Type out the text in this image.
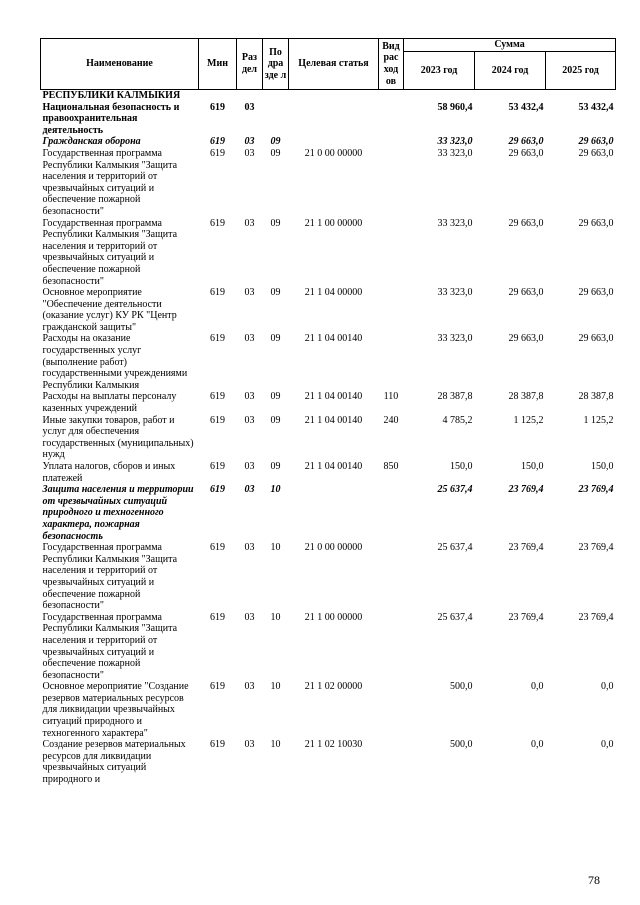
Наименование	Мин	Раз дел	По дра зде л	Целевая статья	Вид рас ход ов	Сумма		
						2023 год	2024 год	2025 год
РЕСПУБЛИКИ КАЛМЫКИЯ								
Национальная безопасность и правоохранительная деятельность	619	03				58 960,4	53 432,4	53 432,4
Гражданская оборона	619	03	09			33 323,0	29 663,0	29 663,0
Государственная программа Республики Калмыкия "Защита населения и территорий от чрезвычайных ситуаций и обеспечение пожарной безопасности"	619	03	09	21 0 00 00000		33 323,0	29 663,0	29 663,0
Государственная программа Республики Калмыкия "Защита населения и территорий от чрезвычайных ситуаций и обеспечение пожарной безопасности"	619	03	09	21 1 00 00000		33 323,0	29 663,0	29 663,0
Основное мероприятие "Обеспечение деятельности (оказание услуг) КУ РК "Центр гражданской защиты"	619	03	09	21 1 04 00000		33 323,0	29 663,0	29 663,0
Расходы на оказание государственных услуг (выполнение работ) государственными учреждениями Республики Калмыкия	619	03	09	21 1 04 00140		33 323,0	29 663,0	29 663,0
Расходы на выплаты персоналу казенных учреждений	619	03	09	21 1 04 00140	110	28 387,8	28 387,8	28 387,8
Иные закупки товаров, работ и услуг для обеспечения государственных (муниципальных) нужд	619	03	09	21 1 04 00140	240	4 785,2	1 125,2	1 125,2
Уплата налогов, сборов и иных платежей	619	03	09	21 1 04 00140	850	150,0	150,0	150,0
Защита населения и территории от чрезвычайных ситуаций природного и техногенного характера, пожарная безопасность	619	03	10			25 637,4	23 769,4	23 769,4
Государственная программа Республики Калмыкия "Защита населения и территорий от чрезвычайных ситуаций и обеспечение пожарной безопасности"	619	03	10	21 0 00 00000		25 637,4	23 769,4	23 769,4
Государственная программа Республики Калмыкия "Защита населения и территорий от чрезвычайных ситуаций и обеспечение пожарной безопасности"	619	03	10	21 1 00 00000		25 637,4	23 769,4	23 769,4
Основное мероприятие "Создание резервов материальных ресурсов для ликвидации чрезвычайных ситуаций природного и техногенного характера"	619	03	10	21 1 02 00000		500,0	0,0	0,0
Создание резервов материальных ресурсов для ликвидации чрезвычайных ситуаций природного и	619	03	10	21 1 02 10030		500,0	0,0	0,0
78
